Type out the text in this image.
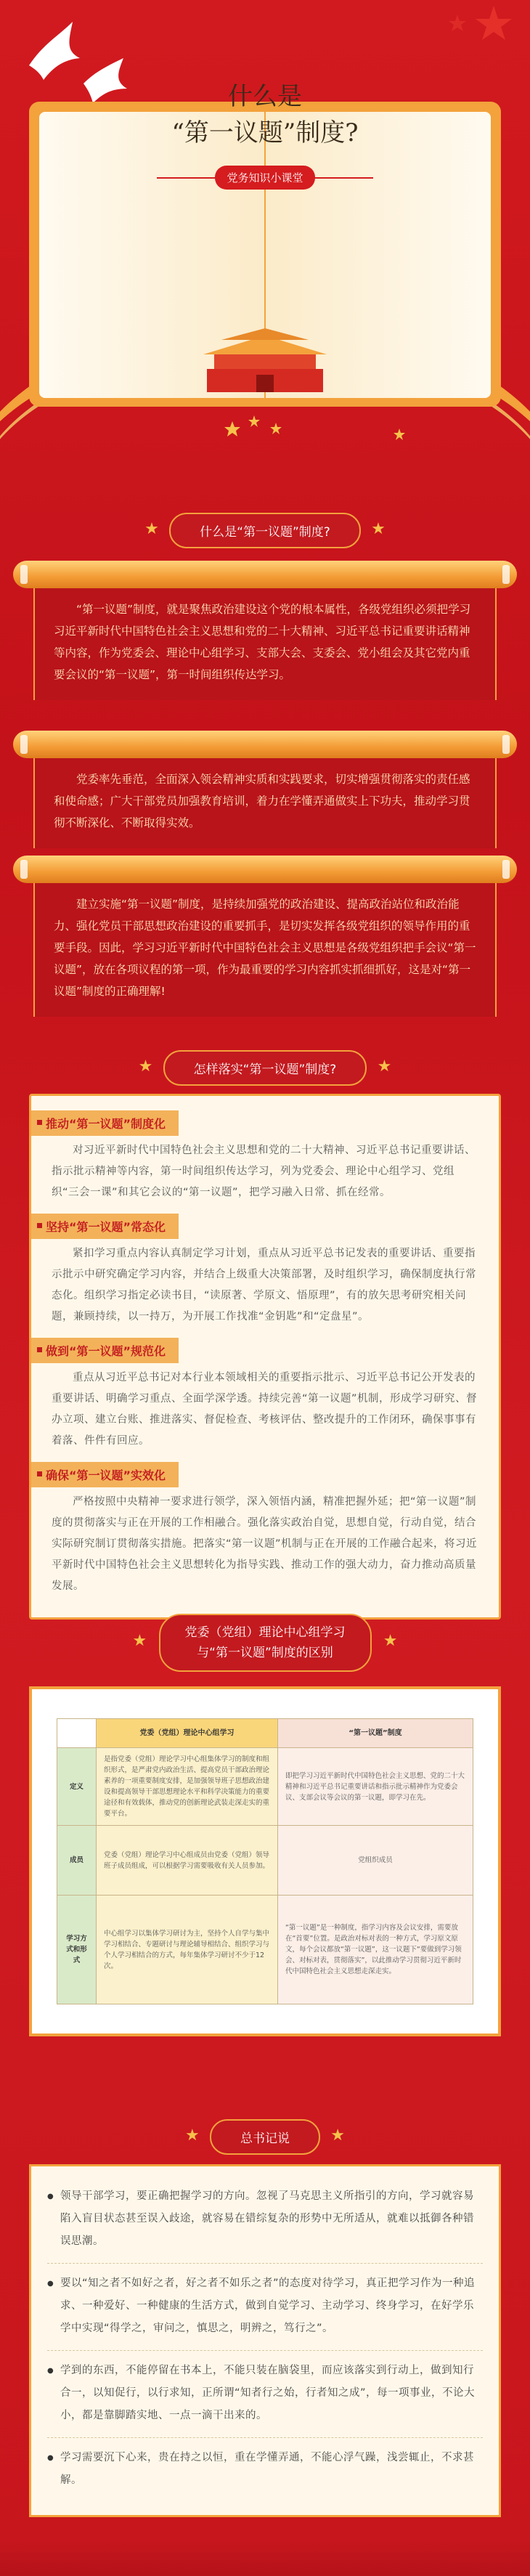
什么是
“第一议题”制度?
党务知识小课堂
★	什么是“第一议题”制度?	★
“第一议题”制度，就是聚焦政治建设这个党的根本属性，各级党组织必须把学习习近平新时代中国特色社会主义思想和党的二十大精神、习近平总书记重要讲话精神等内容，作为党委会、理论中心组学习、支部大会、支委会、党小组会及其它党内重要会议的“第一议题”，第一时间组织传达学习。
党委率先垂范，全面深入领会精神实质和实践要求，切实增强贯彻落实的责任感和使命感；广大干部党员加强教育培训，着力在学懂弄通做实上下功夫，推动学习贯彻不断深化、不断取得实效。
建立实施“第一议题”制度，是持续加强党的政治建设、提高政治站位和政治能力、强化党员干部思想政治建设的重要抓手，是切实发挥各级党组织的领导作用的重要手段。因此，学习习近平新时代中国特色社会主义思想是各级党组织把手会议“第一议题”，放在各项议程的第一项，作为最重要的学习内容抓实抓细抓好，这是对“第一议题”制度的正确理解!
★	怎样落实“第一议题”制度?	★
推动“第一议题”制度化
对习近平新时代中国特色社会主义思想和党的二十大精神、习近平总书记重要讲话、指示批示精神等内容，第一时间组织传达学习，列为党委会、理论中心组学习、党组织“三会一课”和其它会议的“第一议题”，把学习融入日常、抓在经常。
坚持“第一议题”常态化
紧扣学习重点内容认真制定学习计划，重点从习近平总书记发表的重要讲话、重要指示批示中研究确定学习内容，并结合上级重大决策部署，及时组织学习，确保制度执行常态化。组织学习指定必读书目，“读原著、学原文、悟原理”，有的放矢思考研究相关问题，兼顾持续，以一持万，为开展工作找准“金钥匙”和“定盘星”。
做到“第一议题”规范化
重点从习近平总书记对本行业本领域相关的重要指示批示、习近平总书记公开发表的重要讲话、明确学习重点、全面学深学透。持续完善“第一议题”机制，形成学习研究、督办立项、建立台账、推进落实、督促检查、考核评估、整改提升的工作闭环，确保事事有着落、件件有回应。
确保“第一议题”实效化
严格按照中央精神一要求进行领学，深入领悟内涵，精准把握外延；把“第一议题”制度的贯彻落实与正在开展的工作相融合。强化落实政治自觉，思想自觉，行动自觉，结合实际研究制订贯彻落实措施。把落实“第一议题”机制与正在开展的工作融合起来，将习近平新时代中国特色社会主义思想转化为指导实践、推动工作的强大动力，奋力推动高质量发展。
★	党委（党组）理论中心组学习
与“第一议题”制度的区别
★
	党委（党组）理论中心组学习	“第一议题”制度
定义	是指党委（党组）理论学习中心组集体学习的制度和组织形式，是严肃党内政治生活、提高党员干部政治理论素养的一项重要制度安排，是加强领导班子思想政治建设和提高领导干部思想理论水平和科学决策能力的重要途径和有效载体，推动党的创新理论武装走深走实的重要平台。	即把学习习近平新时代中国特色社会主义思想、党的二十大精神和习近平总书记重要讲话和指示批示精神作为党委会议、支部会议等会议的第一议题，即学习在先。
成员	党委（党组）理论学习中心组成员由党委（党组）领导班子成员组成，可以根据学习需要吸收有关人员参加。	党组织成员
学习方式和形式	中心组学习以集体学习研讨为主，坚持个人自学与集中学习相结合、专题研讨与理论辅导相结合、组织学习与个人学习相结合的方式，每年集体学习研讨不少于12次。	“第一议题”是一种制度，指学习内容及会议安排，需要放在“首要”位置。是政治对标对表的一种方式，学习原文原文，每个会议都放“第一议题”，这一议题下“要做到学习领会、对标对表，贯彻落实”，以此推动学习贯彻习近平新时代中国特色社会主义思想走深走实。
★	总书记说	★
● 领导干部学习，要正确把握学习的方向。忽视了马克思主义所指引的方向，学习就容易陷入盲目状态甚至误入歧途，就容易在错综复杂的形势中无所适从，就难以抵御各种错误思潮。
● 要以“知之者不如好之者，好之者不如乐之者”的态度对待学习，真正把学习作为一种追求、一种爱好、一种健康的生活方式，做到自觉学习、主动学习、终身学习，在好学乐学中实现“得学之，审问之，慎思之，明辨之，笃行之”。
● 学到的东西，不能停留在书本上，不能只装在脑袋里，而应该落实到行动上，做到知行合一，以知促行，以行求知，正所谓“知者行之始，行者知之成”，每一项事业，不论大小，都是靠脚踏实地、一点一滴干出来的。
● 学习需要沉下心来，贵在持之以恒，重在学懂弄通，不能心浮气躁，浅尝辄止，不求甚解。
